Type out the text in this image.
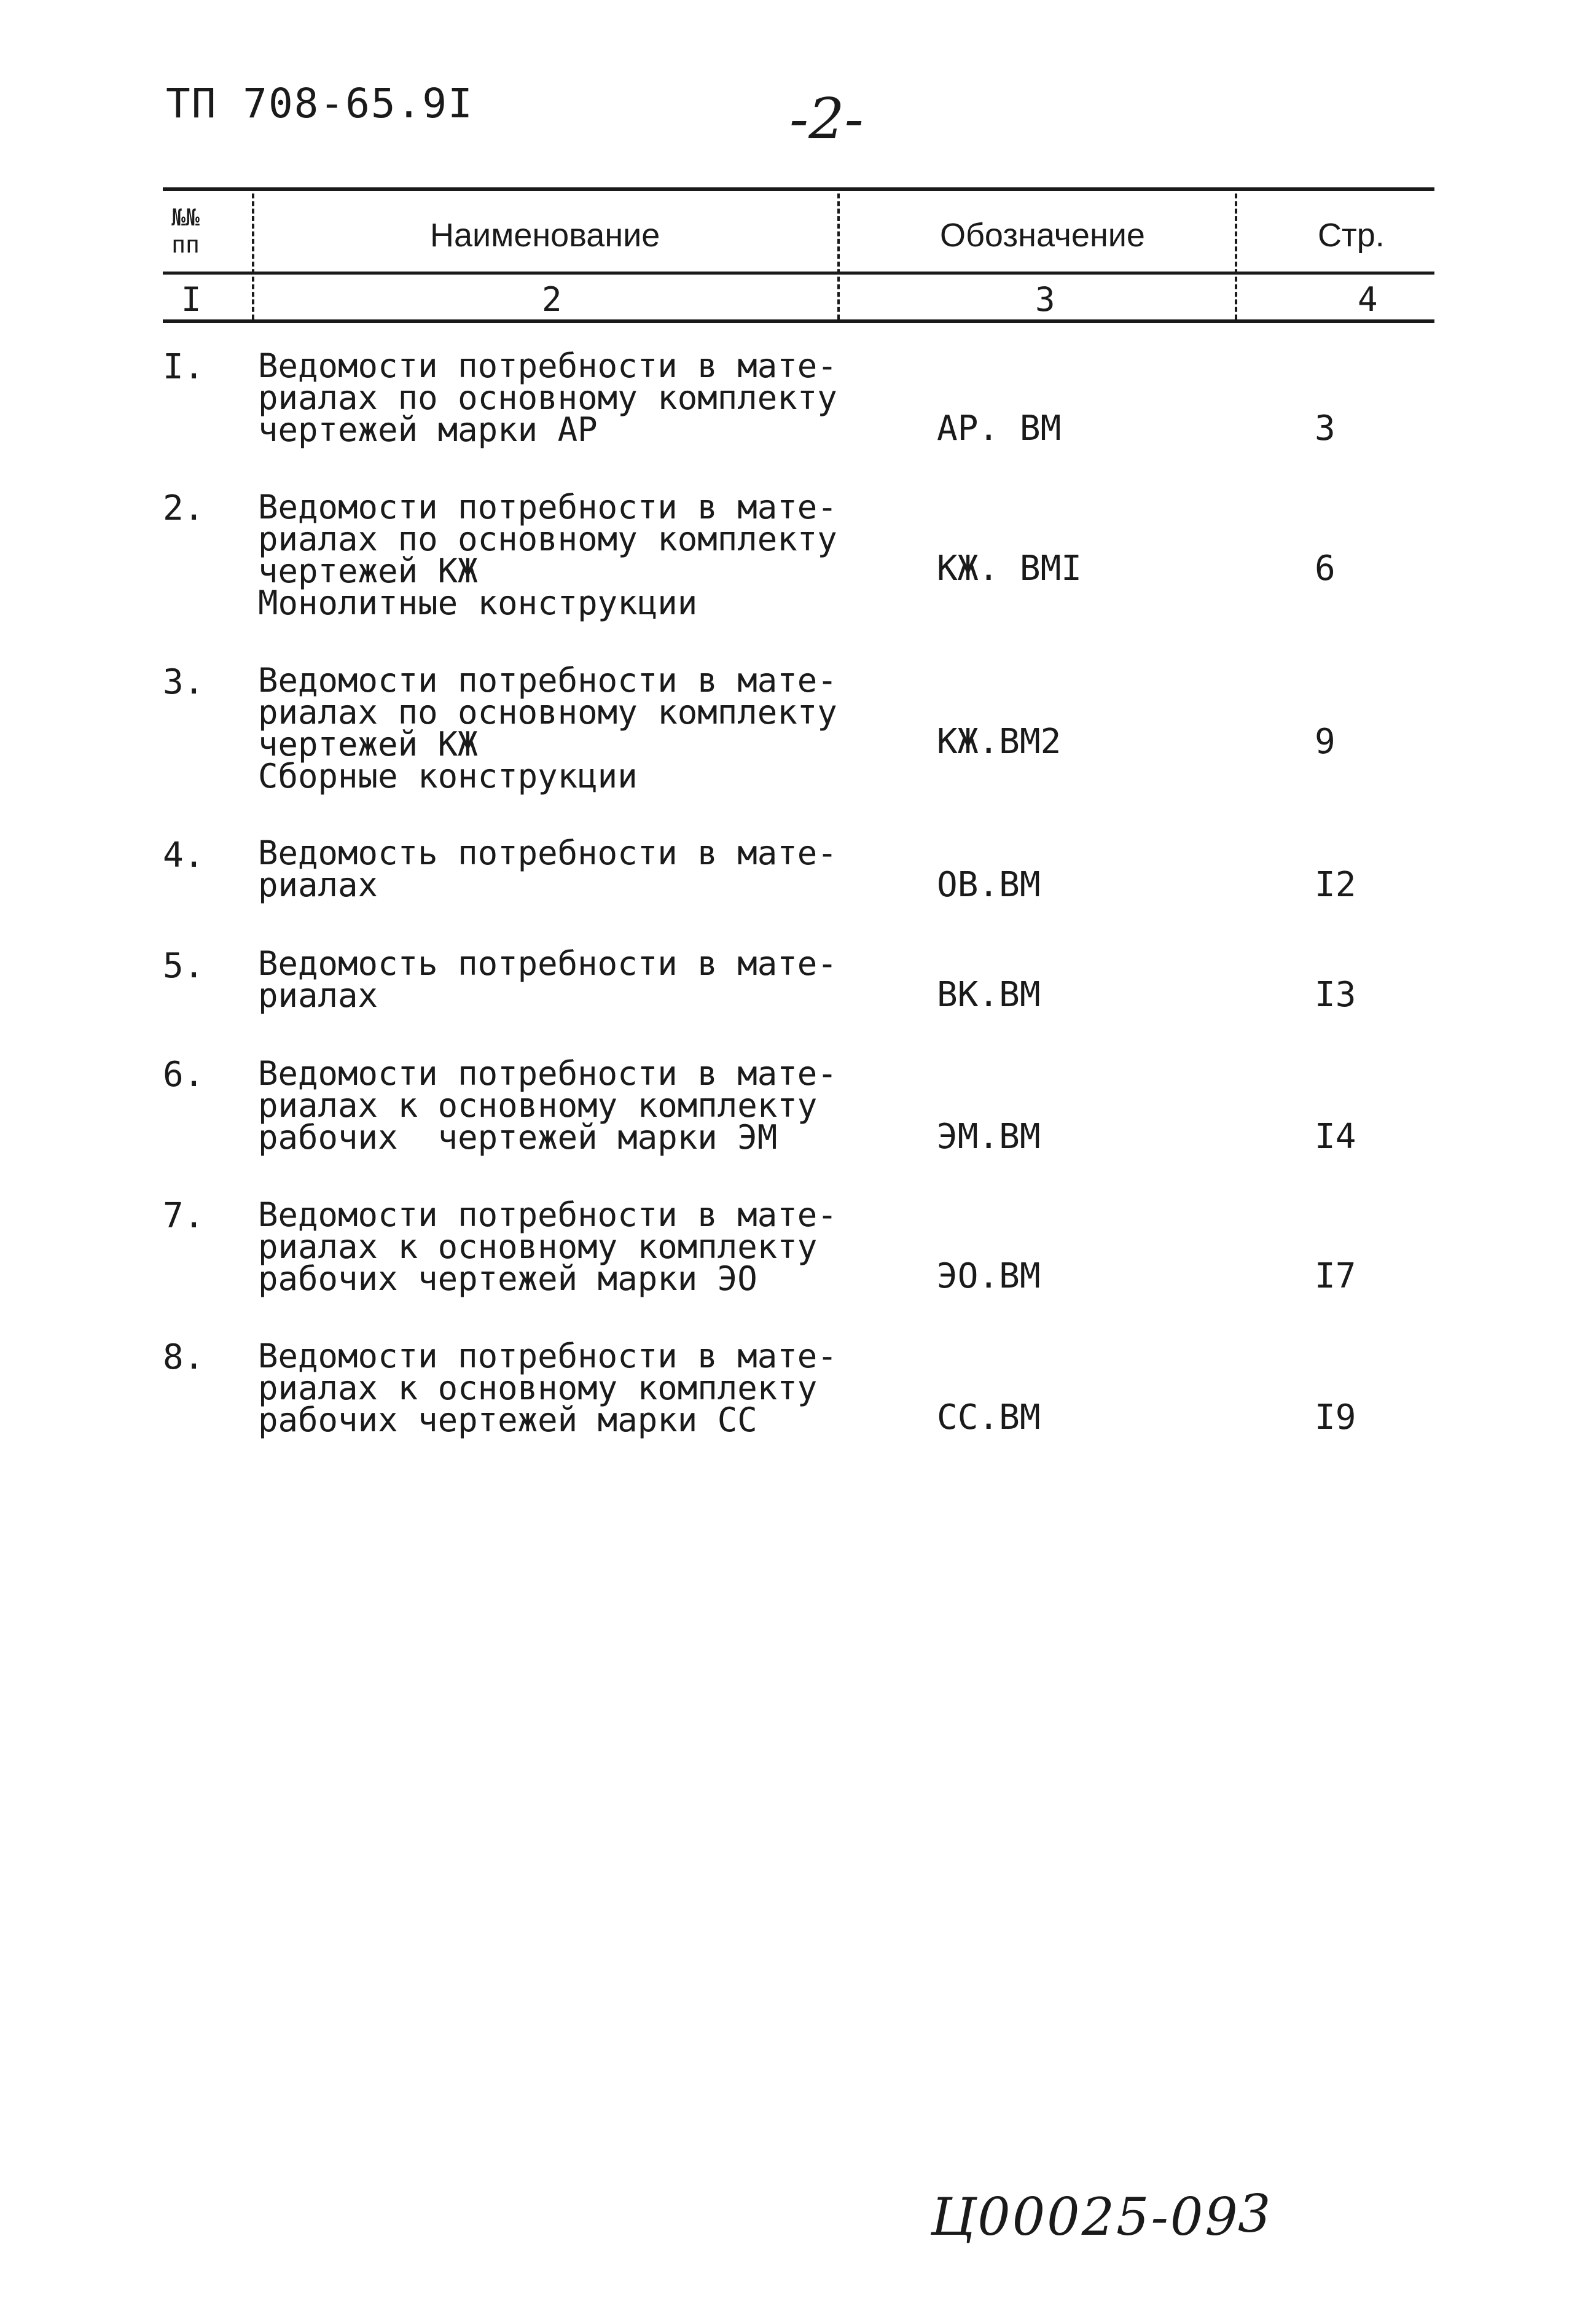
ТП 708-65.9I	-2-
№№ пп	Наименование	Обозначение	Стр.
I	2	3	4
I. Ведомости потребности в мате-
риалах по основному комплекту
чертежей марки АР	АР. ВМ	3
2. Ведомости потребности в мате-
риалах по основному комплекту
чертежей КЖ
Монолитные конструкции
КЖ. ВМI	6
3. Ведомости потребности в мате-
риалах по основному комплекту
чертежей КЖ
Сборные конструкции
КЖ.ВМ2	9
4. Ведомость потребности в мате-
риалах	ОВ.ВМ	I2
5. Ведомость потребности в мате-
риалах	ВК.ВМ	I3
6. Ведомости потребности в мате-
риалах к основному комплекту
рабочих  чертежей марки ЭМ	ЭМ.ВМ	I4
7. Ведомости потребности в мате-
риалах к основному комплекту
рабочих чертежей марки ЭО	ЭО.ВМ	I7
8. Ведомости потребности в мате-
риалах к основному комплекту
рабочих чертежей марки СС	СС.ВМ	I9
Ц00025-09
3
